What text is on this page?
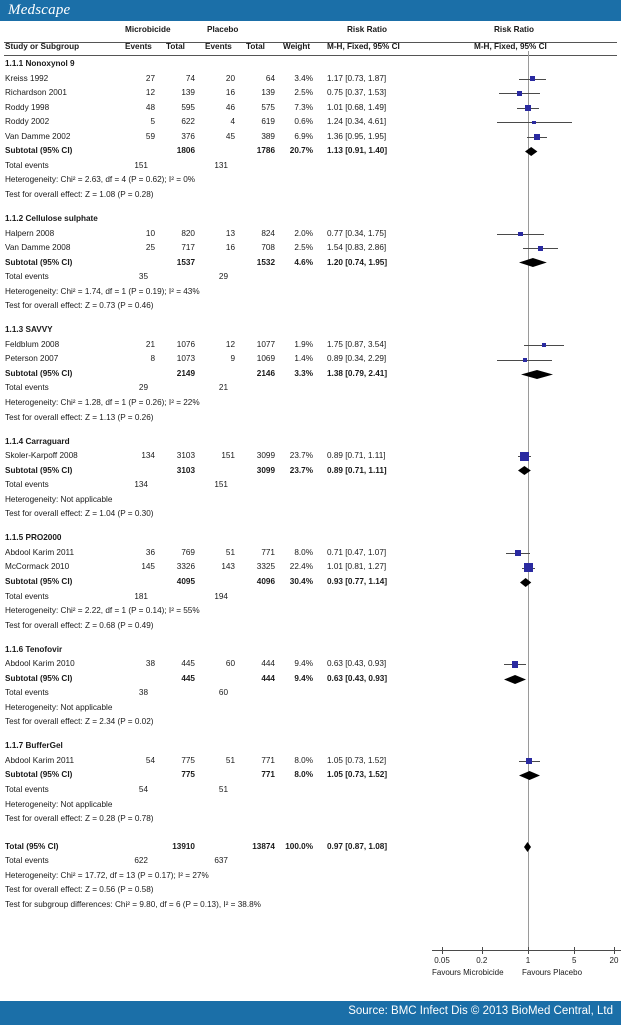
Medscape
Microbicide	Placebo	Risk Ratio	Risk Ratio
Study or Subgroup	Events Total Events Total Weight M-H, Fixed, 95% CI	M-H, Fixed, 95% CI
1.1.1 Nonoxynol 9
Kreiss 1992	27	74	20	64	3.4% 1.17 [0.73, 1.87]
Richardson 2001	12	139	16	139	2.5% 0.75 [0.37, 1.53]
Roddy 1998	48	595	46	575	7.3% 1.01 [0.68, 1.49]
Roddy 2002	5	622	4	619	0.6% 1.24 [0.34, 4.61]
Van Damme 2002	59	376	45	389	6.9% 1.36 [0.95, 1.95]
Subtotal (95% CI)	1806	1786	20.7% 1.13 [0.91, 1.40]
Total events	151	131
Heterogeneity: Chi² = 2.63, df = 4 (P = 0.62); I² = 0%
Test for overall effect: Z = 1.08 (P = 0.28)
1.1.2 Cellulose sulphate
Halpern 2008	10	820	13	824	2.0% 0.77 [0.34, 1.75]
Van Damme 2008	25	717	16	708	2.5% 1.54 [0.83, 2.86]
Subtotal (95% CI)	1537	1532	4.6% 1.20 [0.74, 1.95]
Total events	35	29
Heterogeneity: Chi² = 1.74, df = 1 (P = 0.19); I² = 43%
Test for overall effect: Z = 0.73 (P = 0.46)
1.1.3 SAVVY
Feldblum 2008	21	1076	12	1077	1.9% 1.75 [0.87, 3.54]
Peterson 2007	8	1073	9	1069	1.4% 0.89 [0.34, 2.29]
Subtotal (95% CI)	2149	2146	3.3% 1.38 [0.79, 2.41]
Total events	29	21
Heterogeneity: Chi² = 1.28, df = 1 (P = 0.26); I² = 22%
Test for overall effect: Z = 1.13 (P = 0.26)
1.1.4 Carraguard
Skoler-Karpoff 2008	134	3103	151	3099	23.7% 0.89 [0.71, 1.11]
Subtotal (95% CI)	3103	3099	23.7% 0.89 [0.71, 1.11]
Total events	134	151
Heterogeneity: Not applicable
Test for overall effect: Z = 1.04 (P = 0.30)
1.1.5 PRO2000
Abdool Karim 2011	36	769	51	771	8.0% 0.71 [0.47, 1.07]
McCormack 2010	145	3326	143	3325	22.4% 1.01 [0.81, 1.27]
Subtotal (95% CI)	4095	4096	30.4% 0.93 [0.77, 1.14]
Total events	181	194
Heterogeneity: Chi² = 2.22, df = 1 (P = 0.14); I² = 55%
Test for overall effect: Z = 0.68 (P = 0.49)
1.1.6 Tenofovir
Abdool Karim 2010	38	445	60	444	9.4% 0.63 [0.43, 0.93]
Subtotal (95% CI)	445	444	9.4% 0.63 [0.43, 0.93]
Total events	38	60
Heterogeneity: Not applicable
Test for overall effect: Z = 2.34 (P = 0.02)
1.1.7 BufferGel
Abdool Karim 2011	54	775	51	771	8.0% 1.05 [0.73, 1.52]
Subtotal (95% CI)	775	771	8.0% 1.05 [0.73, 1.52]
Total events	54	51
Heterogeneity: Not applicable
Test for overall effect: Z = 0.28 (P = 0.78)
Total (95% CI)	13910	13874	100.0% 0.97 [0.87, 1.08]
Total events	622	637
Heterogeneity: Chi² = 17.72, df = 13 (P = 0.17); I² = 27%
Test for overall effect: Z = 0.56 (P = 0.58)
Test for subgroup differences: Chi² = 9.80, df = 6 (P = 0.13), I² = 38.8%
0.05	0.2	1	5	20
Favours Microbicide Favours Placebo
Source: BMC Infect Dis © 2013 BioMed Central, Ltd
